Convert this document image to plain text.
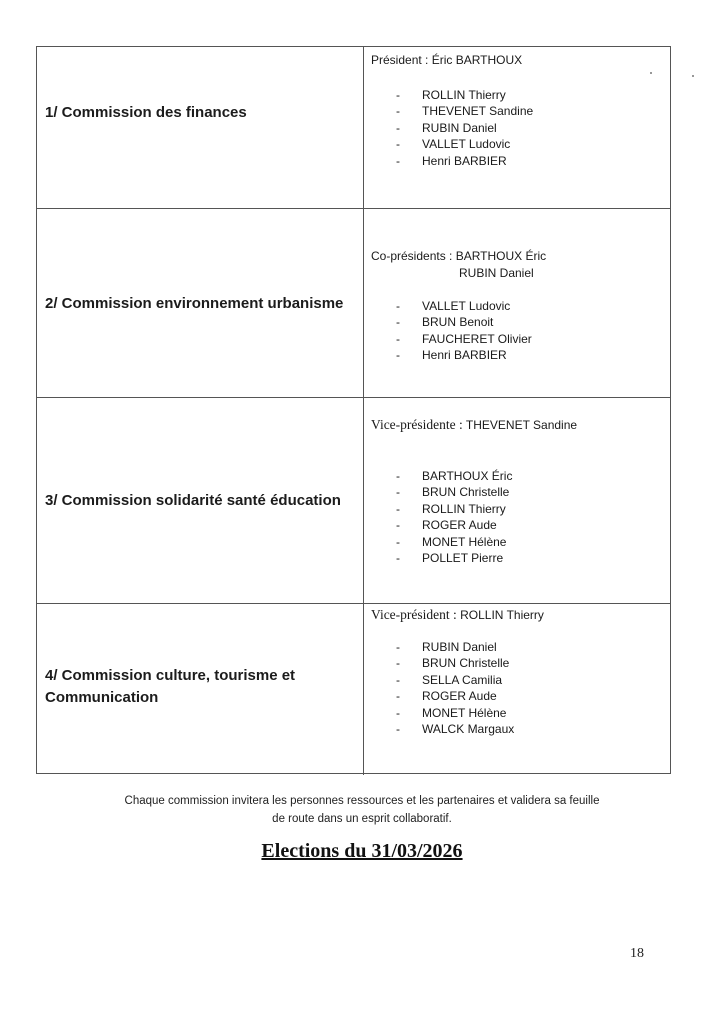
1/ Commission des finances
Président : Éric BARTHOUX
- ROLLIN Thierry
- THEVENET Sandine
- RUBIN Daniel
- VALLET Ludovic
- Henri BARBIER
2/ Commission environnement urbanisme
Co-présidents : BARTHOUX Éric
RUBIN Daniel
- VALLET Ludovic
- BRUN Benoit
- FAUCHERET Olivier
- Henri BARBIER
3/ Commission solidarité santé éducation
Vice-présidente : THEVENET Sandine
- BARTHOUX Éric
- BRUN Christelle
- ROLLIN Thierry
- ROGER Aude
- MONET Hélène
- POLLET Pierre
4/ Commission culture, tourisme et
Communication
Vice-président : ROLLIN Thierry
- RUBIN Daniel
- BRUN Christelle
- SELLA Camilia
- ROGER Aude
- MONET Hélène
- WALCK Margaux
Chaque commission invitera les personnes ressources et les partenaires et validera sa feuille
de route dans un esprit collaboratif.
Elections du 31/03/2026
18
